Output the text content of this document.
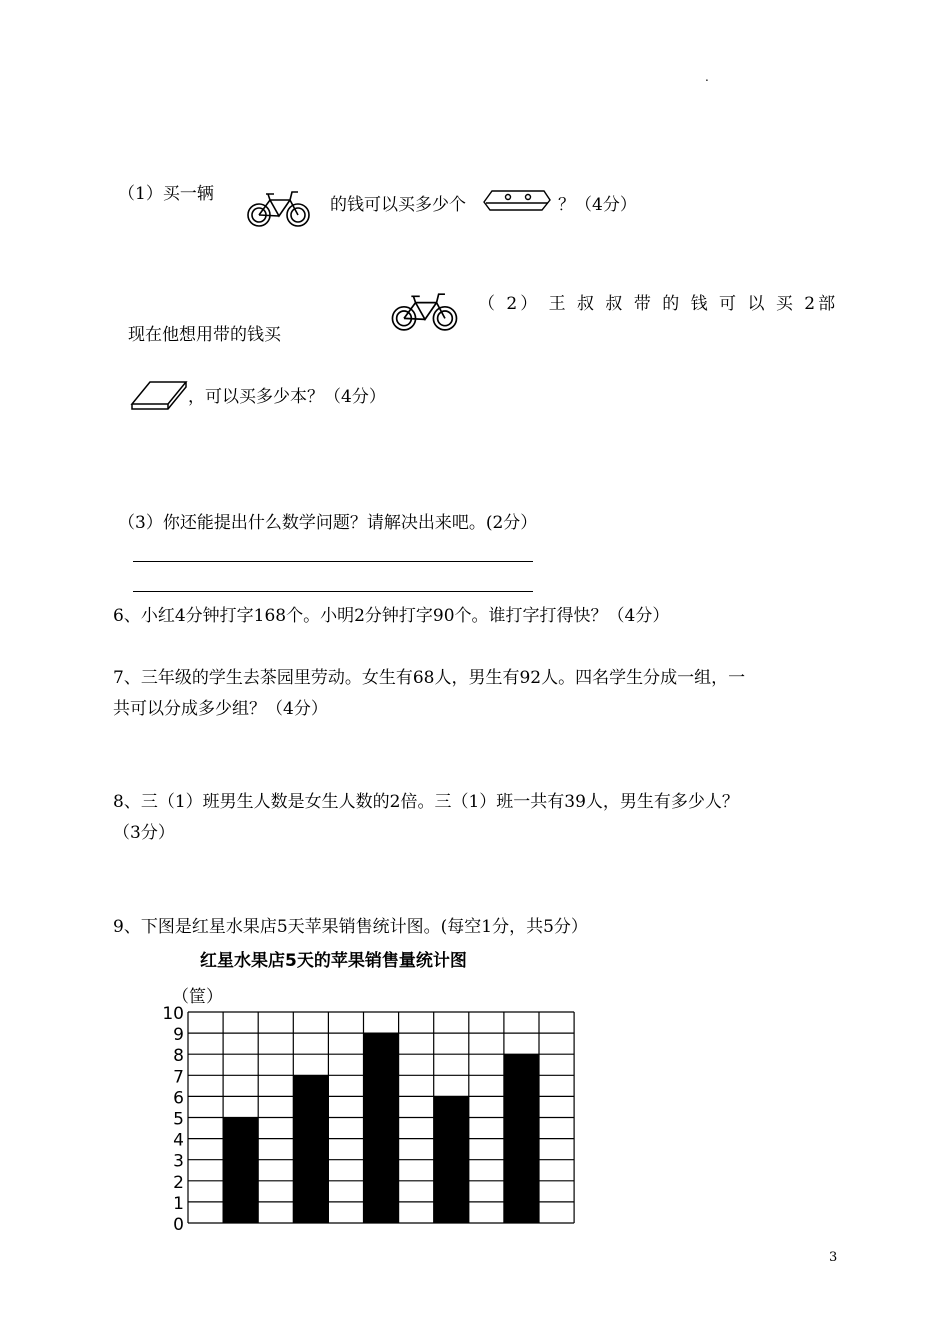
.
（1）买一辆
的钱可以买多少个	？（4分）
（ 2） 王 叔 叔 带 的 钱 可 以 买 2部
现在他想用带的钱买
，可以买多少本？（4分）
（3）你还能提出什么数学问题？请解决出来吧。(2分）
6、小红4分钟打字168个。小明2分钟打字90个。谁打字打得快？（4分）
7、三年级的学生去茶园里劳动。女生有68人，男生有92人。四名学生分成一组，一
共可以分成多少组？（4分）
8、三（1）班男生人数是女生人数的2倍。三（1）班一共有39人，男生有多少人？
（3分）
9、下图是红星水果店5天苹果销售统计图。(每空1分，共5分）
红星水果店5天的苹果销售量统计图
0
1
2
3
4
5
6
7
8
9
10
（筐）
3
